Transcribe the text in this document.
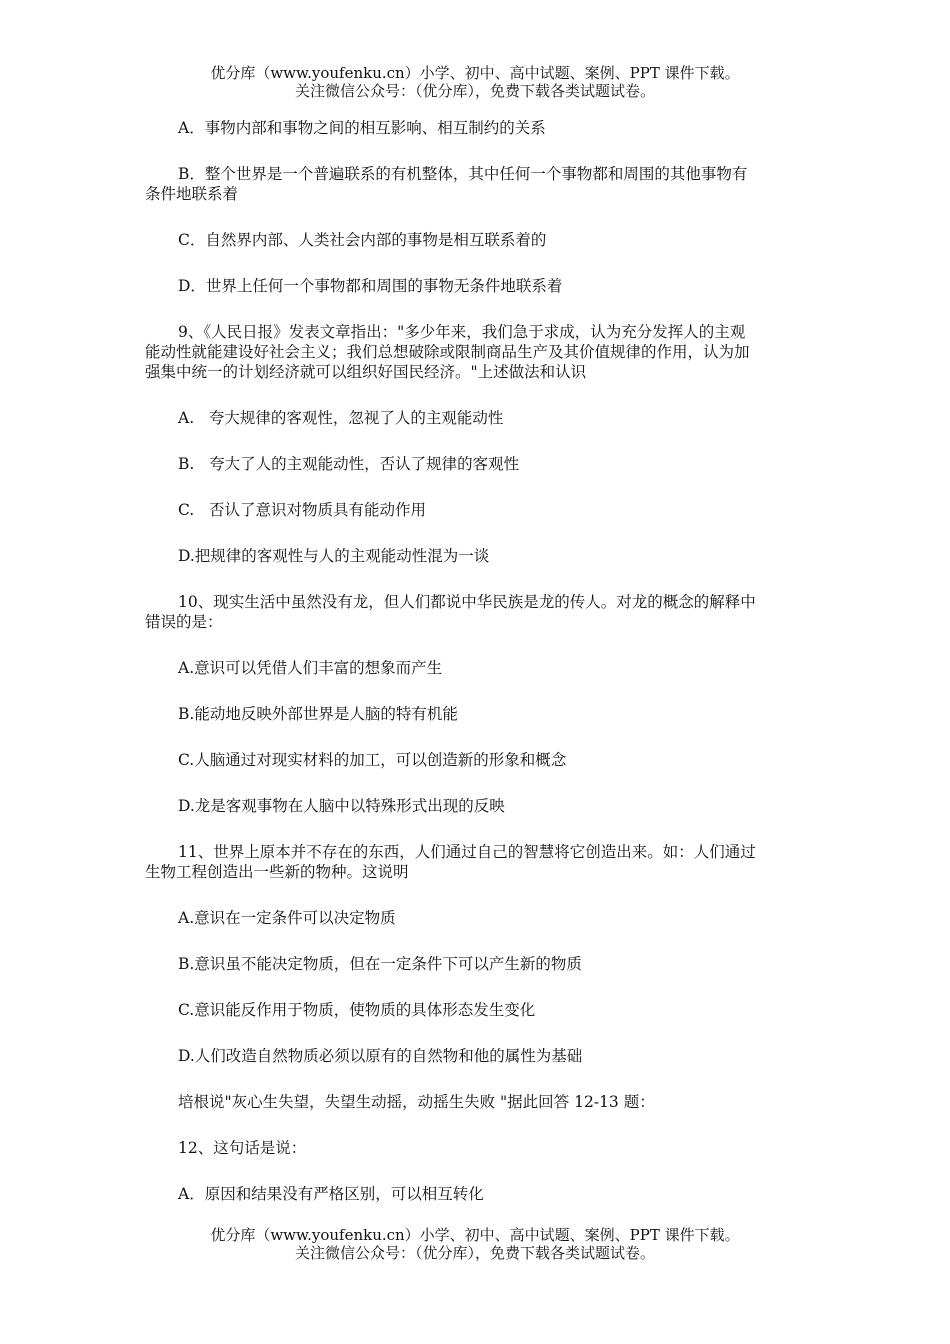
优分库（www.youfenku.cn）小学、初中、高中试题、案例、PPT 课件下载。
关注微信公众号：（优分库），免费下载各类试题试卷。
A．事物内部和事物之间的相互影响、相互制约的关系
B．整个世界是一个普遍联系的有机整体，其中任何一个事物都和周围的其他事物有
条件地联系着
C．自然界内部、人类社会内部的事物是相互联系着的
D．世界上任何一个事物都和周围的事物无条件地联系着
9、《人民日报》发表文章指出："多少年来，我们急于求成，认为充分发挥人的主观
能动性就能建设好社会主义；我们总想破除或限制商品生产及其价值规律的作用，认为加
强集中统一的计划经济就可以组织好国民经济。"上述做法和认识
A.   夸大规律的客观性，忽视了人的主观能动性
B.   夸大了人的主观能动性，否认了规律的客观性
C.   否认了意识对物质具有能动作用
D.把规律的客观性与人的主观能动性混为一谈
10、现实生活中虽然没有龙，但人们都说中华民族是龙的传人。对龙的概念的解释中
错误的是：
A.意识可以凭借人们丰富的想象而产生
B.能动地反映外部世界是人脑的特有机能
C.人脑通过对现实材料的加工，可以创造新的形象和概念
D.龙是客观事物在人脑中以特殊形式出现的反映
11、世界上原本并不存在的东西，人们通过自己的智慧将它创造出来。如：人们通过
生物工程创造出一些新的物种。这说明
A.意识在一定条件可以决定物质
B.意识虽不能决定物质，但在一定条件下可以产生新的物质
C.意识能反作用于物质，使物质的具体形态发生变化
D.人们改造自然物质必须以原有的自然物和他的属性为基础
培根说"灰心生失望，失望生动摇，动摇生失败 "据此回答 12-13 题：
12、这句话是说：
A．原因和结果没有严格区别，可以相互转化
优分库（www.youfenku.cn）小学、初中、高中试题、案例、PPT 课件下载。
关注微信公众号：（优分库），免费下载各类试题试卷。
